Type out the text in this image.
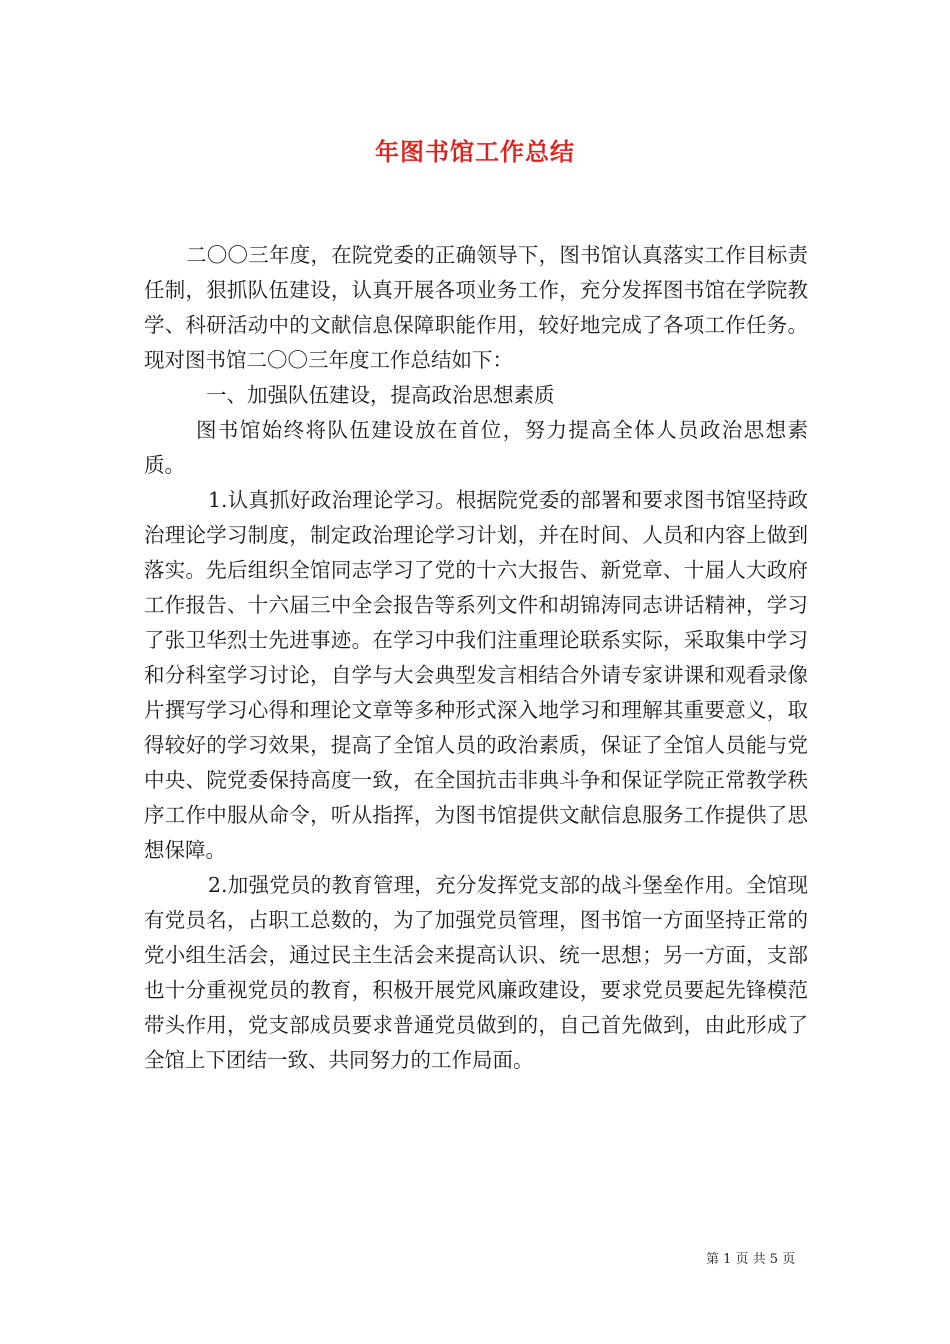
年图书馆工作总结

二〇〇三年度，在院党委的正确领导下，图书馆认真落实工作目标责任制，狠抓队伍建设，认真开展各项业务工作，充分发挥图书馆在学院教学、科研活动中的文献信息保障职能作用，较好地完成了各项工作任务。现对图书馆二〇〇三年度工作总结如下：

一、加强队伍建设，提高政治思想素质

图书馆始终将队伍建设放在首位，努力提高全体人员政治思想素质。

1.认真抓好政治理论学习。根据院党委的部署和要求图书馆坚持政治理论学习制度，制定政治理论学习计划，并在时间、人员和内容上做到落实。先后组织全馆同志学习了党的十六大报告、新党章、十届人大政府工作报告、十六届三中全会报告等系列文件和胡锦涛同志讲话精神，学习了张卫华烈士先进事迹。在学习中我们注重理论联系实际，采取集中学习和分科室学习讨论，自学与大会典型发言相结合外请专家讲课和观看录像片撰写学习心得和理论文章等多种形式深入地学习和理解其重要意义，取得较好的学习效果，提高了全馆人员的政治素质，保证了全馆人员能与党中央、院党委保持高度一致，在全国抗击非典斗争和保证学院正常教学秩序工作中服从命令，听从指挥，为图书馆提供文献信息服务工作提供了思想保障。

2.加强党员的教育管理，充分发挥党支部的战斗堡垒作用。全馆现有党员名，占职工总数的，为了加强党员管理，图书馆一方面坚持正常的党小组生活会，通过民主生活会来提高认识、统一思想；另一方面，支部也十分重视党员的教育，积极开展党风廉政建设，要求党员要起先锋模范带头作用，党支部成员要求普通党员做到的，自己首先做到，由此形成了全馆上下团结一致、共同努力的工作局面。

第 1 页 共 5 页
